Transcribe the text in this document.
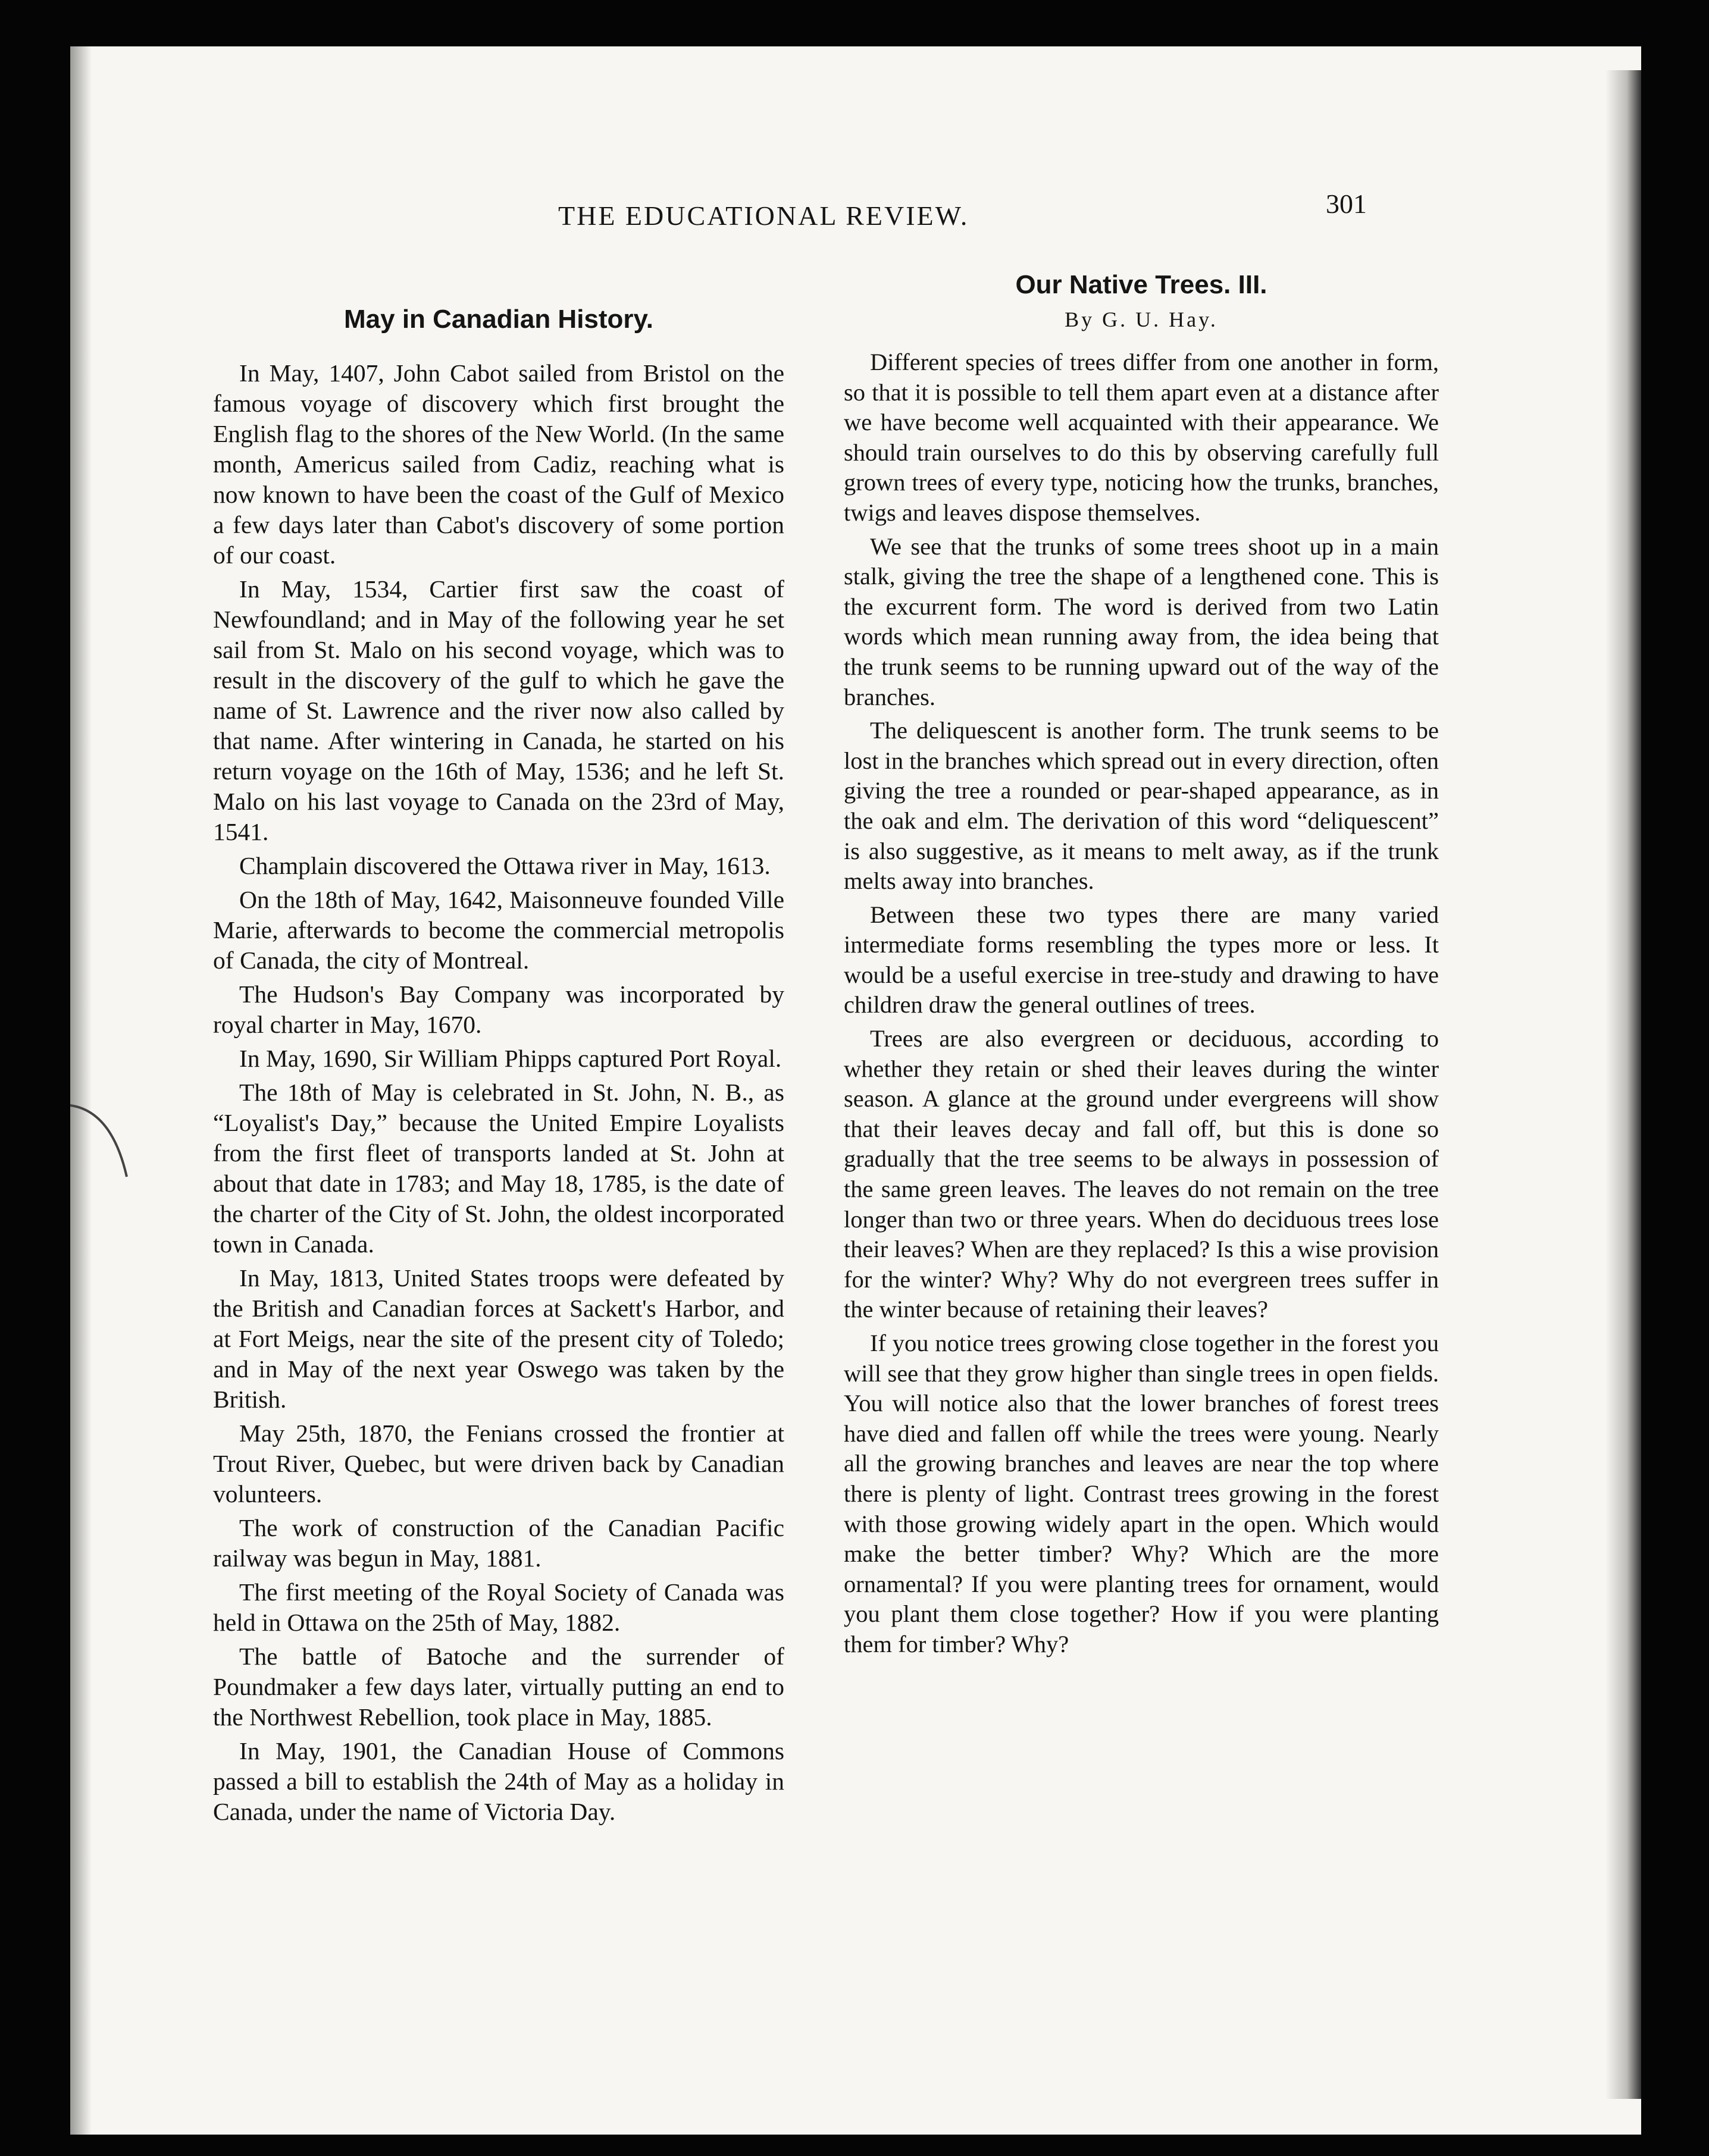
THE EDUCATIONAL REVIEW.	301
May in Canadian History.

In May, 1407, John Cabot sailed from Bristol on the famous voyage of discovery which first brought the English flag to the shores of the New World. (In the same month, Americus sailed from Cadiz, reaching what is now known to have been the coast of the Gulf of Mexico a few days later than Cabot's discovery of some portion of our coast.

In May, 1534, Cartier first saw the coast of Newfoundland; and in May of the following year he set sail from St. Malo on his second voyage, which was to result in the discovery of the gulf to which he gave the name of St. Lawrence and the river now also called by that name. After wintering in Canada, he started on his return voyage on the 16th of May, 1536; and he left St. Malo on his last voyage to Canada on the 23rd of May, 1541.

Champlain discovered the Ottawa river in May, 1613.

On the 18th of May, 1642, Maisonneuve founded Ville Marie, afterwards to become the commercial metropolis of Canada, the city of Montreal.

The Hudson's Bay Company was incorporated by royal charter in May, 1670.

In May, 1690, Sir William Phipps captured Port Royal.

The 18th of May is celebrated in St. John, N. B., as “Loyalist's Day,” because the United Empire Loyalists from the first fleet of transports landed at St. John at about that date in 1783; and May 18, 1785, is the date of the charter of the City of St. John, the oldest incorporated town in Canada.

In May, 1813, United States troops were defeated by the British and Canadian forces at Sackett's Harbor, and at Fort Meigs, near the site of the present city of Toledo; and in May of the next year Oswego was taken by the British.

May 25th, 1870, the Fenians crossed the frontier at Trout River, Quebec, but were driven back by Canadian volunteers.

The work of construction of the Canadian Pacific railway was begun in May, 1881.

The first meeting of the Royal Society of Canada was held in Ottawa on the 25th of May, 1882.

The battle of Batoche and the surrender of Poundmaker a few days later, virtually putting an end to the Northwest Rebellion, took place in May, 1885.

In May, 1901, the Canadian House of Commons passed a bill to establish the 24th of May as a holiday in Canada, under the name of Victoria Day.

Our Native Trees. III.
By G. U. Hay.

Different species of trees differ from one another in form, so that it is possible to tell them apart even at a distance after we have become well acquainted with their appearance. We should train ourselves to do this by observing carefully full grown trees of every type, noticing how the trunks, branches, twigs and leaves dispose themselves.

We see that the trunks of some trees shoot up in a main stalk, giving the tree the shape of a lengthened cone. This is the excurrent form. The word is derived from two Latin words which mean running away from, the idea being that the trunk seems to be running upward out of the way of the branches.

The deliquescent is another form. The trunk seems to be lost in the branches which spread out in every direction, often giving the tree a rounded or pear-shaped appearance, as in the oak and elm. The derivation of this word “deliquescent” is also suggestive, as it means to melt away, as if the trunk melts away into branches.

Between these two types there are many varied intermediate forms resembling the types more or less. It would be a useful exercise in tree-study and drawing to have children draw the general outlines of trees.

Trees are also evergreen or deciduous, according to whether they retain or shed their leaves during the winter season. A glance at the ground under evergreens will show that their leaves decay and fall off, but this is done so gradually that the tree seems to be always in possession of the same green leaves. The leaves do not remain on the tree longer than two or three years. When do deciduous trees lose their leaves? When are they replaced? Is this a wise provision for the winter? Why? Why do not evergreen trees suffer in the winter because of retaining their leaves?

If you notice trees growing close together in the forest you will see that they grow higher than single trees in open fields. You will notice also that the lower branches of forest trees have died and fallen off while the trees were young. Nearly all the growing branches and leaves are near the top where there is plenty of light. Contrast trees growing in the forest with those growing widely apart in the open. Which would make the better timber? Why? Which are the more ornamental? If you were planting trees for ornament, would you plant them close together? How if you were planting them for timber? Why?
